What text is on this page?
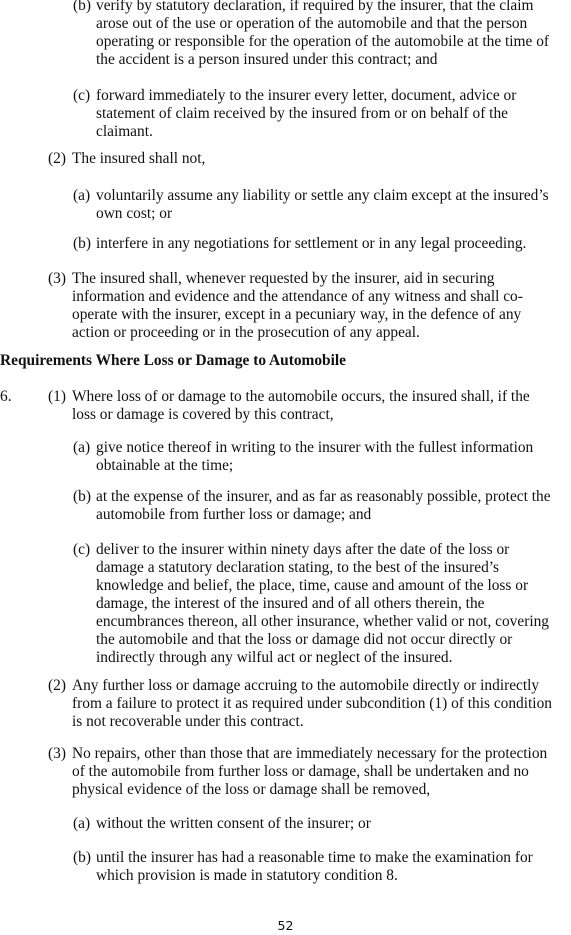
(b) verify by statutory declaration, if required by the insurer, that the claim
arose out of the use or operation of the automobile and that the person
operating or responsible for the operation of the automobile at the time of
the accident is a person insured under this contract; and
(c) forward immediately to the insurer every letter, document, advice or
statement of claim received by the insured from or on behalf of the
claimant.
(2) The insured shall not,
(a) voluntarily assume any liability or settle any claim except at the insured’s
own cost; or
(b) interfere in any negotiations for settlement or in any legal proceeding.
(3) The insured shall, whenever requested by the insurer, aid in securing
information and evidence and the attendance of any witness and shall co-
operate with the insurer, except in a pecuniary way, in the defence of any
action or proceeding or in the prosecution of any appeal.
6. (1) Where loss of or damage to the automobile occurs, the insured shall, if the
loss or damage is covered by this contract,
(a) give notice thereof in writing to the insurer with the fullest information
obtainable at the time;
(b) at the expense of the insurer, and as far as reasonably possible, protect the
automobile from further loss or damage; and
(c) deliver to the insurer within ninety days after the date of the loss or
damage a statutory declaration stating, to the best of the insured’s
knowledge and belief, the place, time, cause and amount of the loss or
damage, the interest of the insured and of all others therein, the
encumbrances thereon, all other insurance, whether valid or not, covering
the automobile and that the loss or damage did not occur directly or
indirectly through any wilful act or neglect of the insured.
(2) Any further loss or damage accruing to the automobile directly or indirectly
from a failure to protect it as required under subcondition (1) of this condition
is not recoverable under this contract.
(3) No repairs, other than those that are immediately necessary for the protection
of the automobile from further loss or damage, shall be undertaken and no
physical evidence of the loss or damage shall be removed,
(a) without the written consent of the insurer; or
(b) until the insurer has had a reasonable time to make the examination for
which provision is made in statutory condition 8.
Requirements Where Loss or Damage to Automobile
52
